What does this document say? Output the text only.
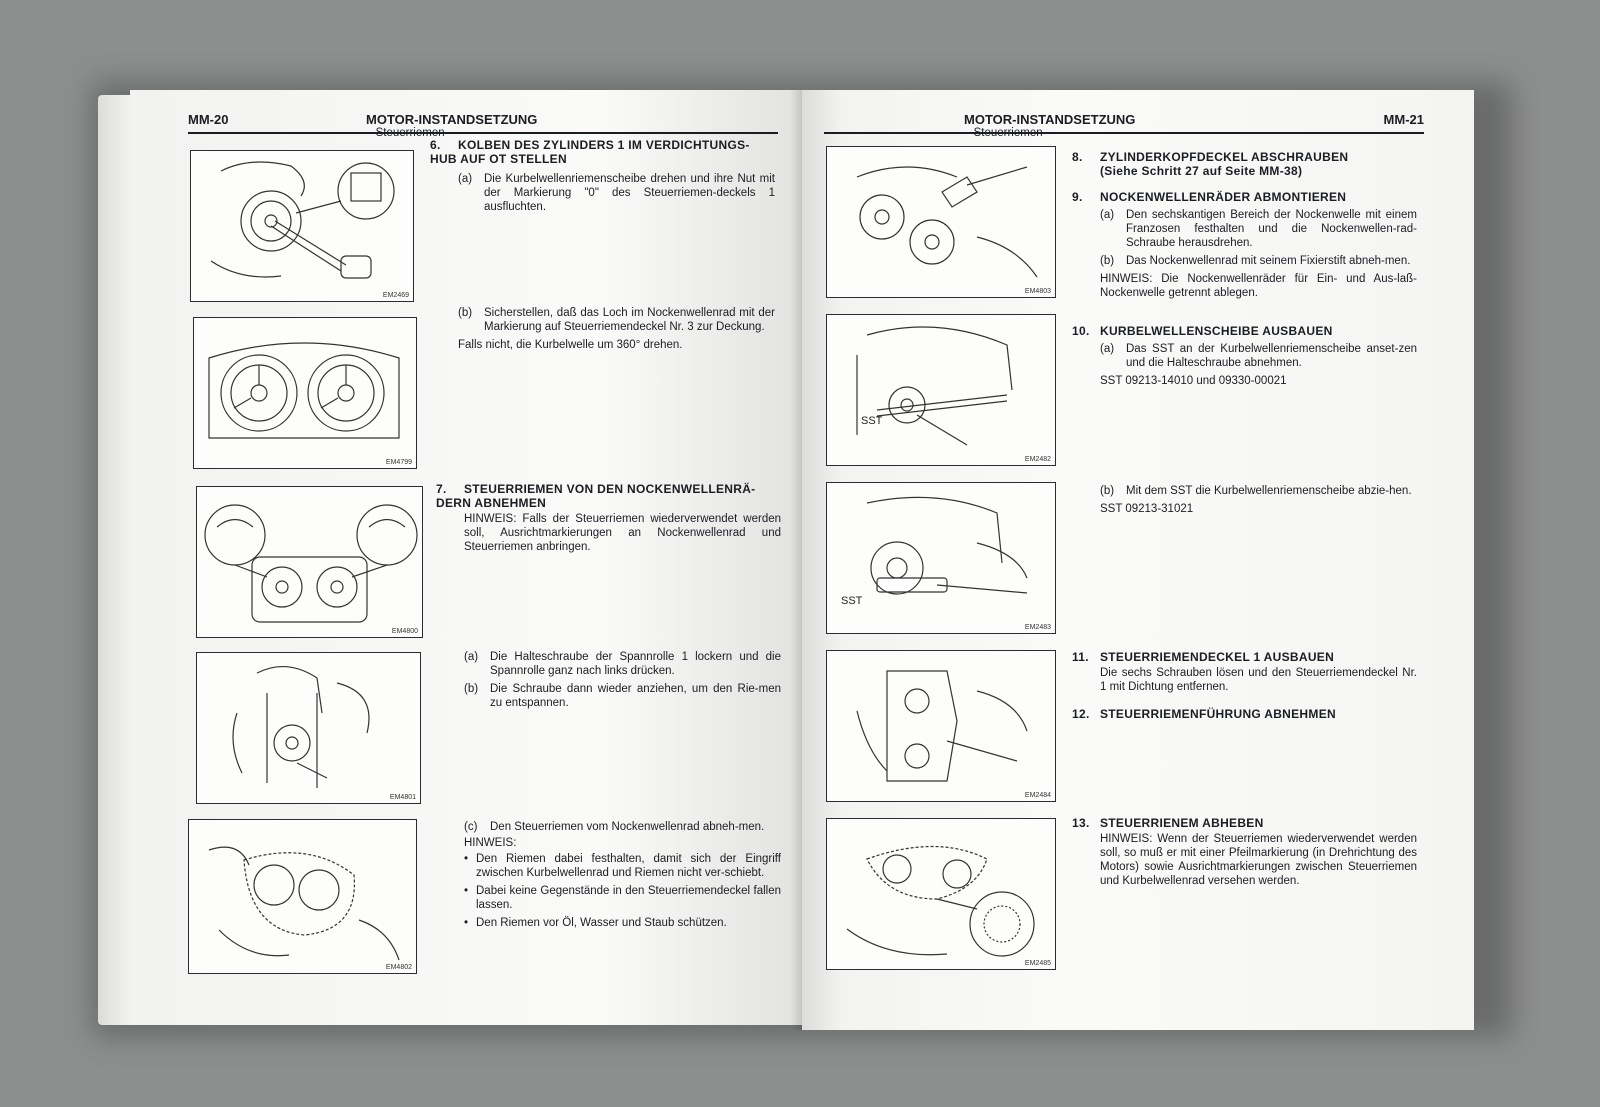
MM-20	MOTOR-INSTANDSETZUNG
– Steuerriemen
EM2469
EM4799
EM4800
EM4801
EM4802

6. KOLBEN DES ZYLINDERS 1 IM VERDICHTUNGS-HUB AUF OT STELLEN

(a)	Die Kurbelwellenriemenscheibe drehen und ihre Nut mit der Markierung "0" des Steuerriemen-deckels 1 ausfluchten.
(b)	Sicherstellen, daß das Loch im Nockenwellenrad mit der Markierung auf Steuerriemendeckel Nr. 3 zur Deckung.

Falls nicht, die Kurbelwelle um 360° drehen.

7. STEUERRIEMEN VON DEN NOCKENWELLENRÄ-DERN ABNEHMEN

HINWEIS: Falls der Steuerriemen wiederverwendet werden soll, Ausrichtmarkierungen an Nockenwellenrad und Steuerriemen anbringen.

(a)	Die Halteschraube der Spannrolle 1 lockern und die Spannrolle ganz nach links drücken.
(b)	Die Schraube dann wieder anziehen, um den Rie-men zu entspannen.
(c)	Den Steuerriemen vom Nockenwellenrad abneh-men.

HINWEIS:

• Den Riemen dabei festhalten, damit sich der Eingriff zwischen Kurbelwellenrad und Riemen nicht ver-schiebt.
• Dabei keine Gegenstände in den Steuerriemendeckel fallen lassen.
• Den Riemen vor Öl, Wasser und Staub schützen.
MOTOR-INSTANDSETZUNG
– Steuerriemen
MM-21
EM4803
SST
EM2482
SST
EM2483
EM2484
EM2485

8. ZYLINDERKOPFDECKEL ABSCHRAUBEN

(Siehe Schritt 27 auf Seite MM-38)

9. NOCKENWELLENRÄDER ABMONTIEREN

(a)	Den sechskantigen Bereich der Nockenwelle mit einem Franzosen festhalten und die Nockenwellen-rad-Schraube herausdrehen.
(b)	Das Nockenwellenrad mit seinem Fixierstift abneh-men.

HINWEIS: Die Nockenwellenräder für Ein- und Aus-laß-Nockenwelle getrennt ablegen.

10. KURBELWELLENSCHEIBE AUSBAUEN

(a)	Das SST an der Kurbelwellenriemenscheibe anset-zen und die Halteschraube abnehmen.

SST 09213-14010 und 09330-00021

(b)	Mit dem SST die Kurbelwellenriemenscheibe abzie-hen.

SST 09213-31021

11. STEUERRIEMENDECKEL 1 AUSBAUEN

Die sechs Schrauben lösen und den Steuerriemendeckel Nr. 1 mit Dichtung entfernen.

12. STEUERRIEMENFÜHRUNG ABNEHMEN

13. STEUERRIENEM ABHEBEN

HINWEIS: Wenn der Steuerriemen wiederverwendet werden soll, so muß er mit einer Pfeilmarkierung (in Drehrichtung des Motors) sowie Ausrichtmarkierungen zwischen Steuerriemen und Kurbelwellenrad versehen werden.
